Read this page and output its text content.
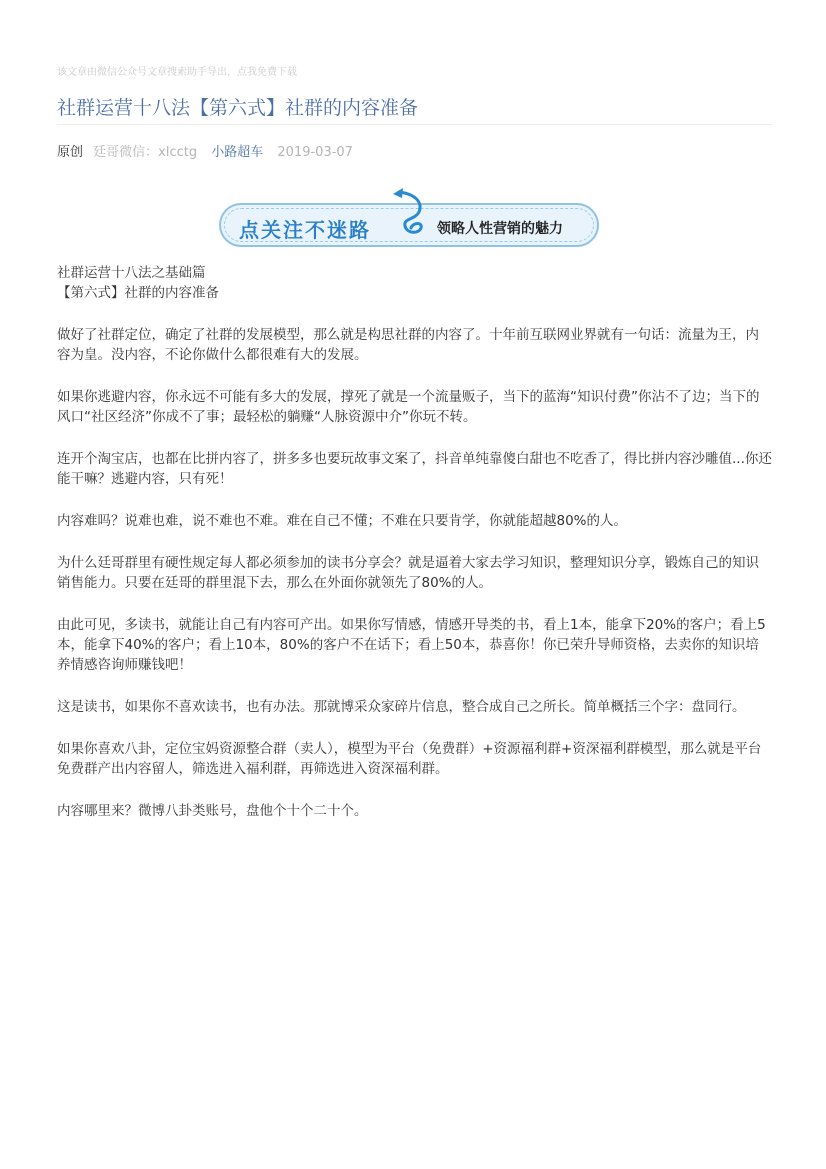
该文章由微信公众号文章搜索助手导出，点我免费下载
社群运营十八法【第六式】社群的内容准备
原创 廷哥微信：xlcctg 小路超车 2019-03-07
点关注不迷路	领略人性营销的魅力
社群运营十八法之基础篇
【第六式】社群的内容准备

做好了社群定位，确定了社群的发展模型，那么就是构思社群的内容了。十年前互联网业界就有一句话：流量为王，内容为皇。没内容，不论你做什么都很难有大的发展。

如果你逃避内容，你永远不可能有多大的发展，撑死了就是一个流量贩子，当下的蓝海“知识付费”你沾不了边；当下的风口“社区经济”你成不了事；最轻松的躺赚“人脉资源中介”你玩不转。

连开个淘宝店，也都在比拼内容了，拼多多也要玩故事文案了，抖音单纯靠傻白甜也不吃香了，得比拼内容沙雕值...你还能干嘛？逃避内容，只有死！

内容难吗？说难也难，说不难也不难。难在自己不懂；不难在只要肯学，你就能超越80%的人。

为什么廷哥群里有硬性规定每人都必须参加的读书分享会？就是逼着大家去学习知识，整理知识分享，锻炼自己的知识销售能力。只要在廷哥的群里混下去，那么在外面你就领先了80%的人。

由此可见，多读书，就能让自己有内容可产出。如果你写情感，情感开导类的书，看上1本，能拿下20%的客户；看上5本，能拿下40%的客户；看上10本，80%的客户不在话下；看上50本，恭喜你！你已荣升导师资格，去卖你的知识培养情感咨询师赚钱吧！

这是读书，如果你不喜欢读书，也有办法。那就博采众家碎片信息，整合成自己之所长。简单概括三个字：盘同行。

如果你喜欢八卦，定位宝妈资源整合群（卖人），模型为平台（免费群）+资源福利群+资深福利群模型，那么就是平台免费群产出内容留人，筛选进入福利群，再筛选进入资深福利群。

内容哪里来？微博八卦类账号，盘他个十个二十个。
